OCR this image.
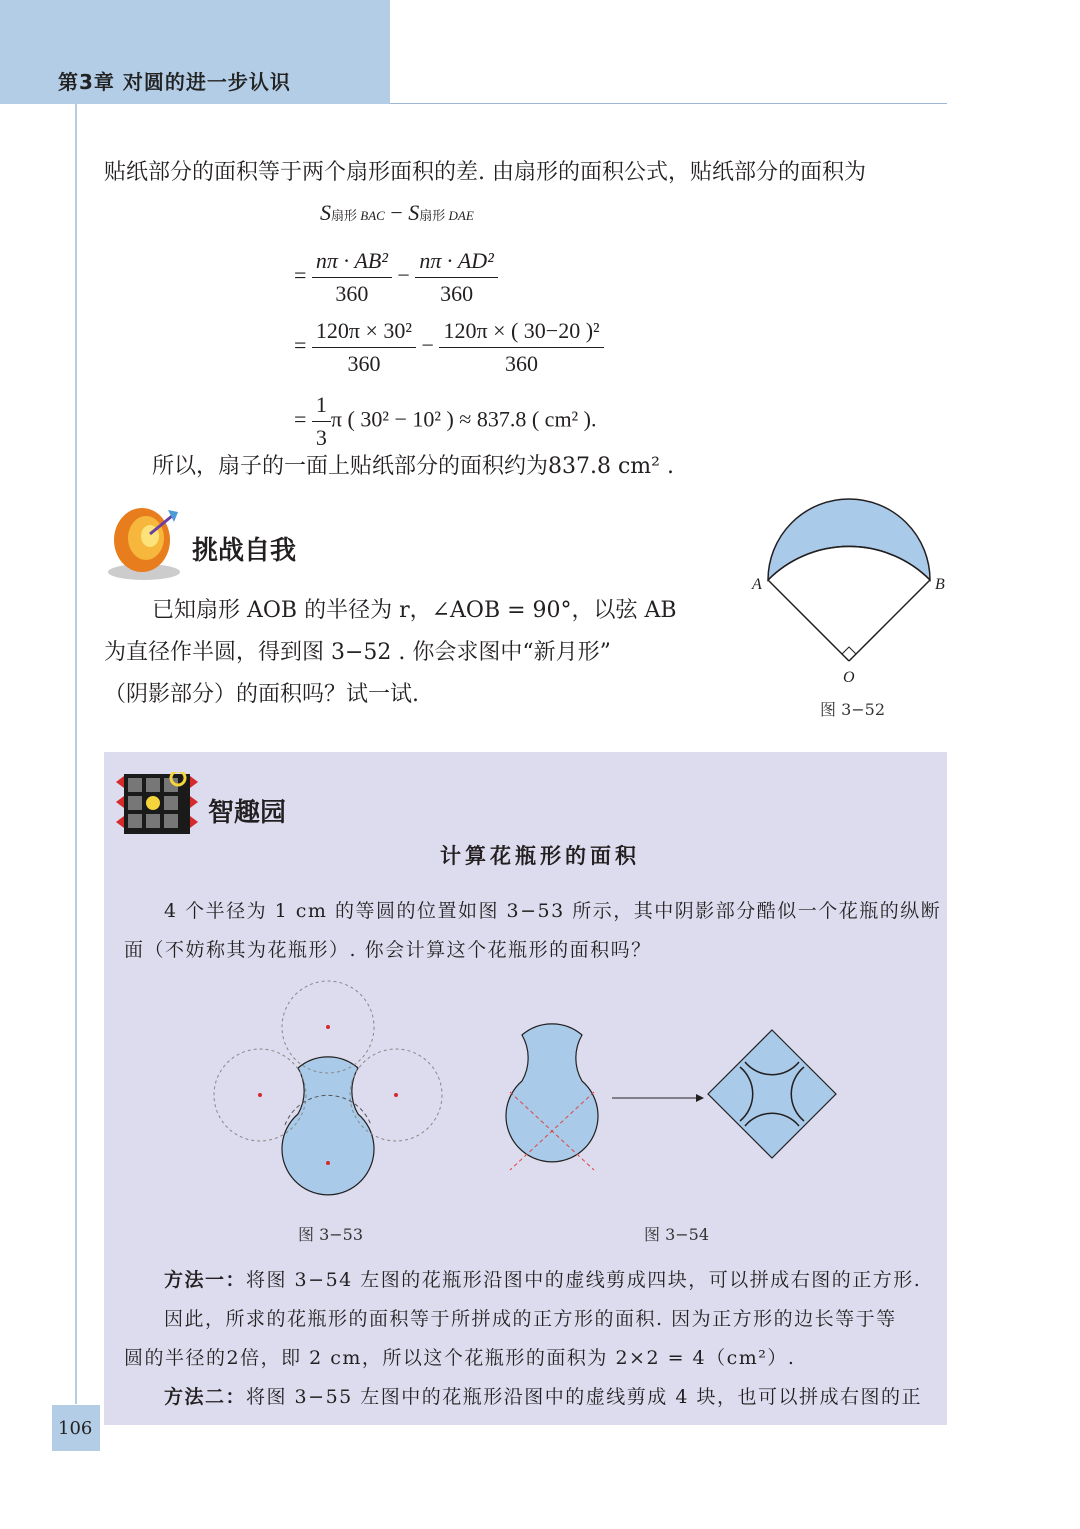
第3章 对圆的进一步认识
贴纸部分的面积等于两个扇形面积的差. 由扇形的面积公式，贴纸部分的面积为
S扇形 BAC − S扇形 DAE
= $\frac{\text{nπ · AB²}}{360} - \frac{\text{nπ · AD²}}{360}$
= $\frac{\text{120π × 30²}}{360} - \frac{\text{120π × ( 30−20 )²}}{360}$
= $\frac{1}{3}$ π ( 30² − 10² ) ≈ 837.8 ( cm² ).
所以，扇子的一面上贴纸部分的面积约为837.8 cm² .
挑战自我
已知扇形 AOB 的半径为 r，∠AOB = 90°，以弦 AB
为直径作半圆，得到图 3−52 . 你会求图中“新月形”
（阴影部分）的面积吗？试一试.
A	B
O
图 3−52
智趣园
计算花瓶形的面积
4 个半径为 1 cm 的等圆的位置如图 3−53 所示，其中阴影部分酷似一个花瓶的纵断
面（不妨称其为花瓶形）. 你会计算这个花瓶形的面积吗？
图 3−53	图 3−54
方法一：将图 3−54 左图的花瓶形沿图中的虚线剪成四块，可以拼成右图的正方形.
因此，所求的花瓶形的面积等于所拼成的正方形的面积. 因为正方形的边长等于等
圆的半径的2倍，即 2 cm，所以这个花瓶形的面积为 2×2 = 4（cm²）.
方法二：将图 3−55 左图中的花瓶形沿图中的虚线剪成 4 块，也可以拼成右图的正
106
